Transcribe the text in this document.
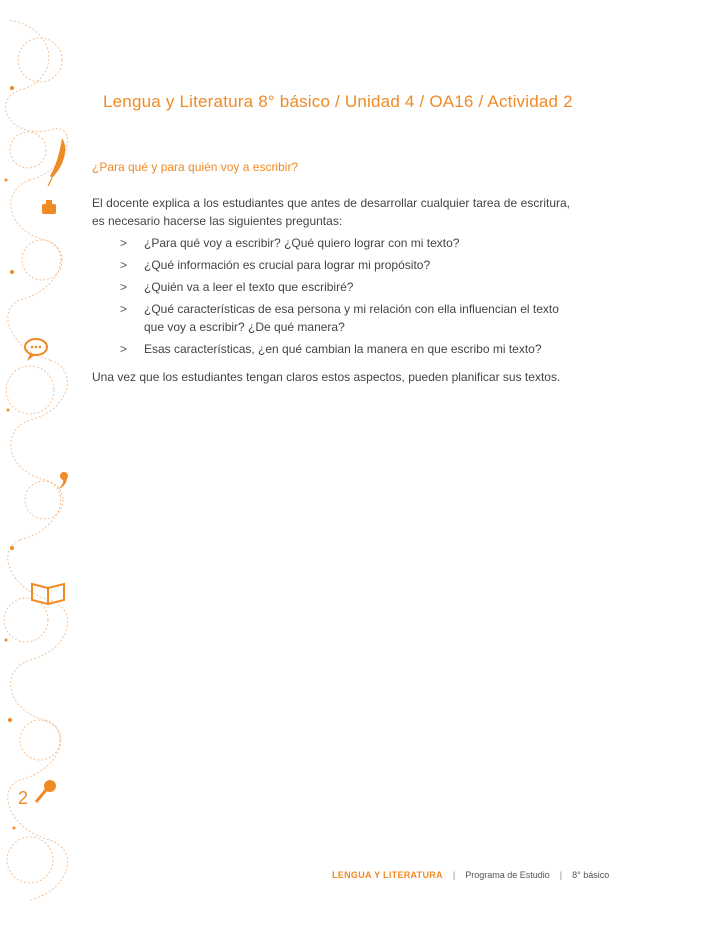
2
Lengua y Literatura 8° básico / Unidad 4 / OA16 / Actividad 2
¿Para qué y para quién voy a escribir?

El docente explica a los estudiantes que antes de desarrollar cualquier tarea de escritura, es necesario hacerse las siguientes preguntas:

> ¿Para qué voy a escribir? ¿Qué quiero lograr con mi texto?
> ¿Qué información es crucial para lograr mi propósito?
> ¿Quién va a leer el texto que escribiré?
> ¿Qué características de esa persona y mi relación con ella influencian el texto que voy a escribir? ¿De qué manera?
> Esas características, ¿en qué cambian la manera en que escribo mi texto?

Una vez que los estudiantes tengan claros estos aspectos, pueden planificar sus textos.

LENGUA Y LITERATURA | Programa de Estudio | 8° básico
